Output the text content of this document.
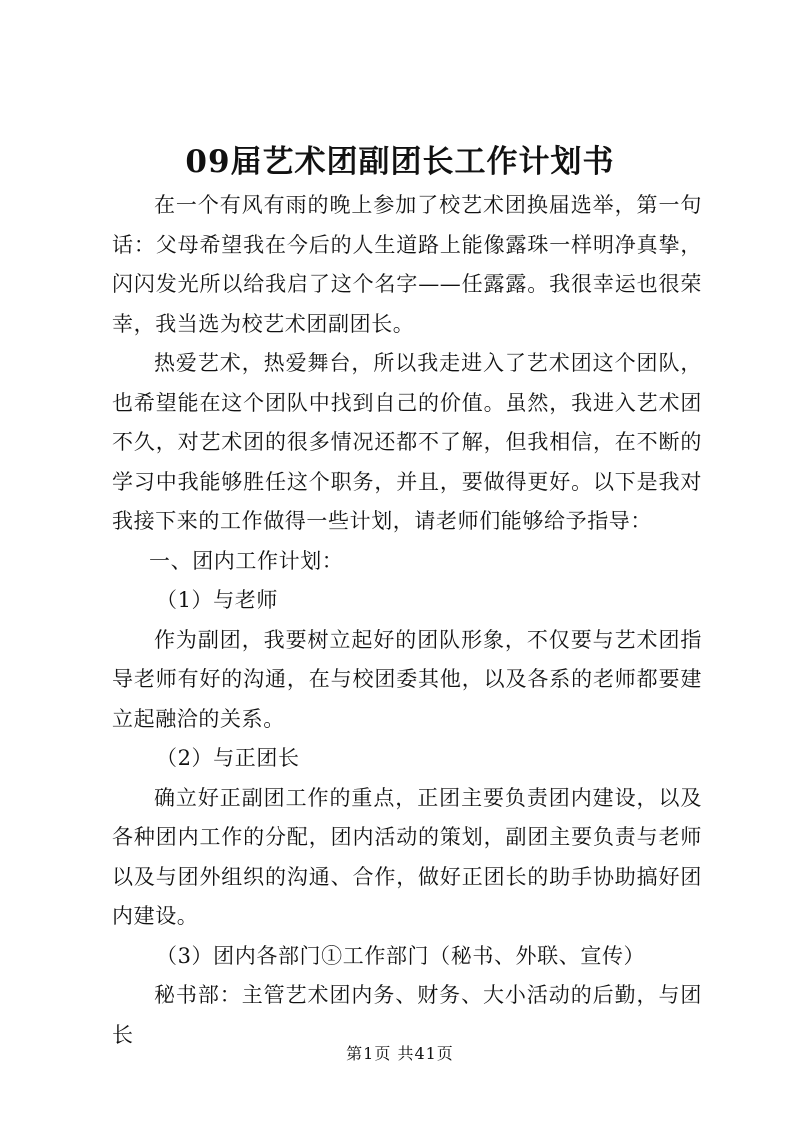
09届艺术团副团长工作计划书

在一个有风有雨的晚上参加了校艺术团换届选举，第一句话：父母希望我在今后的人生道路上能像露珠一样明净真挚，闪闪发光所以给我启了这个名字——任露露。我很幸运也很荣幸，我当选为校艺术团副团长。

热爱艺术，热爱舞台，所以我走进入了艺术团这个团队，也希望能在这个团队中找到自己的价值。虽然，我进入艺术团不久，对艺术团的很多情况还都不了解，但我相信，在不断的学习中我能够胜任这个职务，并且，要做得更好。以下是我对我接下来的工作做得一些计划，请老师们能够给予指导：

一、团内工作计划：

（1）与老师

作为副团，我要树立起好的团队形象，不仅要与艺术团指导老师有好的沟通，在与校团委其他，以及各系的老师都要建立起融洽的关系。

（2）与正团长

确立好正副团工作的重点，正团主要负责团内建设，以及各种团内工作的分配，团内活动的策划，副团主要负责与老师以及与团外组织的沟通、合作，做好正团长的助手协助搞好团内建设。

（3）团内各部门①工作部门（秘书、外联、宣传）

秘书部：主管艺术团内务、财务、大小活动的后勤，与团长

第1页 共41页
